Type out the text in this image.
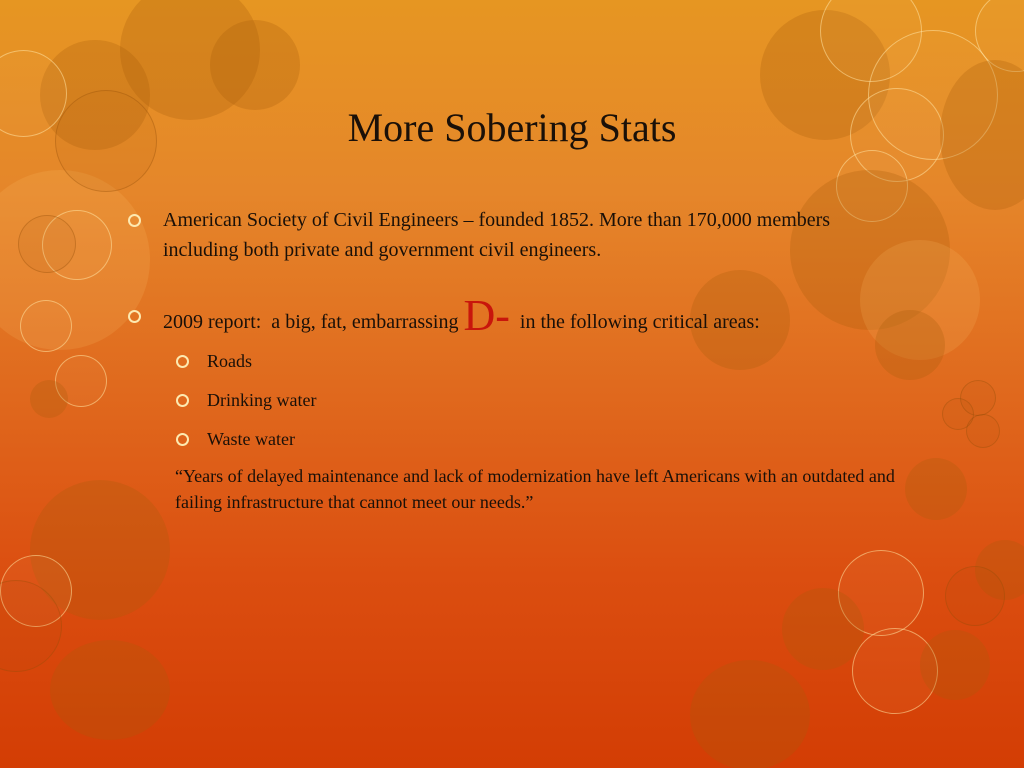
More Sobering Stats
American Society of Civil Engineers – founded 1852. More than 170,000 members including both private and government civil engineers.
2009 report:  a big, fat, embarrassing D-  in the following critical areas:
Roads
Drinking water
Waste water
“Years of delayed maintenance and lack of modernization have left Americans with an outdated and failing infrastructure that cannot meet our needs.”
